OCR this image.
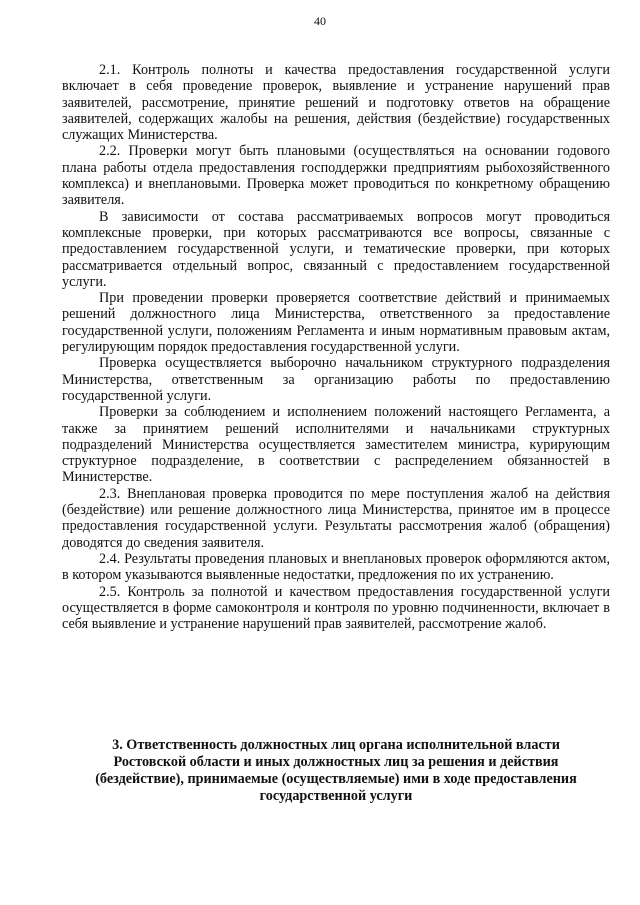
40

2.1. Контроль полноты и качества предоставления государственной услуги включает в себя проведение проверок, выявление и устранение нарушений прав заявителей, рассмотрение, принятие решений и подготовку ответов на обращение заявителей, содержащих жалобы на решения, действия (бездействие) государственных служащих Министерства.

2.2. Проверки могут быть плановыми (осуществляться на основании годового плана работы отдела предоставления господдержки предприятиям рыбохозяйственного комплекса) и внеплановыми. Проверка может проводиться по конкретному обращению заявителя.

В зависимости от состава рассматриваемых вопросов могут проводиться комплексные проверки, при которых рассматриваются все вопросы, связанные с предоставлением государственной услуги, и тематические проверки, при которых рассматривается отдельный вопрос, связанный с предоставлением государственной услуги.

При проведении проверки проверяется соответствие действий и принимаемых решений должностного лица Министерства, ответственного за предоставление государственной услуги, положениям Регламента и иным нормативным правовым актам, регулирующим порядок предоставления государственной услуги.

Проверка осуществляется выборочно начальником структурного подразделения Министерства, ответственным за организацию работы по предоставлению государственной услуги.

Проверки за соблюдением и исполнением положений настоящего Регламента, а также за принятием решений исполнителями и начальниками структурных подразделений Министерства осуществляется заместителем министра, курирующим структурное подразделение, в соответствии с распределением обязанностей в Министерстве.

2.3. Внеплановая проверка проводится по мере поступления жалоб на действия (бездействие) или решение должностного лица Министерства, принятое им в процессе предоставления государственной услуги. Результаты рассмотрения жалоб (обращения) доводятся до сведения заявителя.

2.4. Результаты проведения плановых и внеплановых проверок оформляются актом, в котором указываются выявленные недостатки, предложения по их устранению.

2.5. Контроль за полнотой и качеством предоставления государственной услуги осуществляется в форме самоконтроля и контроля по уровню подчиненности, включает в себя выявление и устранение нарушений прав заявителей, рассмотрение жалоб.

3. Ответственность должностных лиц органа исполнительной власти
Ростовской области и иных должностных лиц за решения и действия
(бездействие), принимаемые (осуществляемые) ими в ходе предоставления
государственной услуги
